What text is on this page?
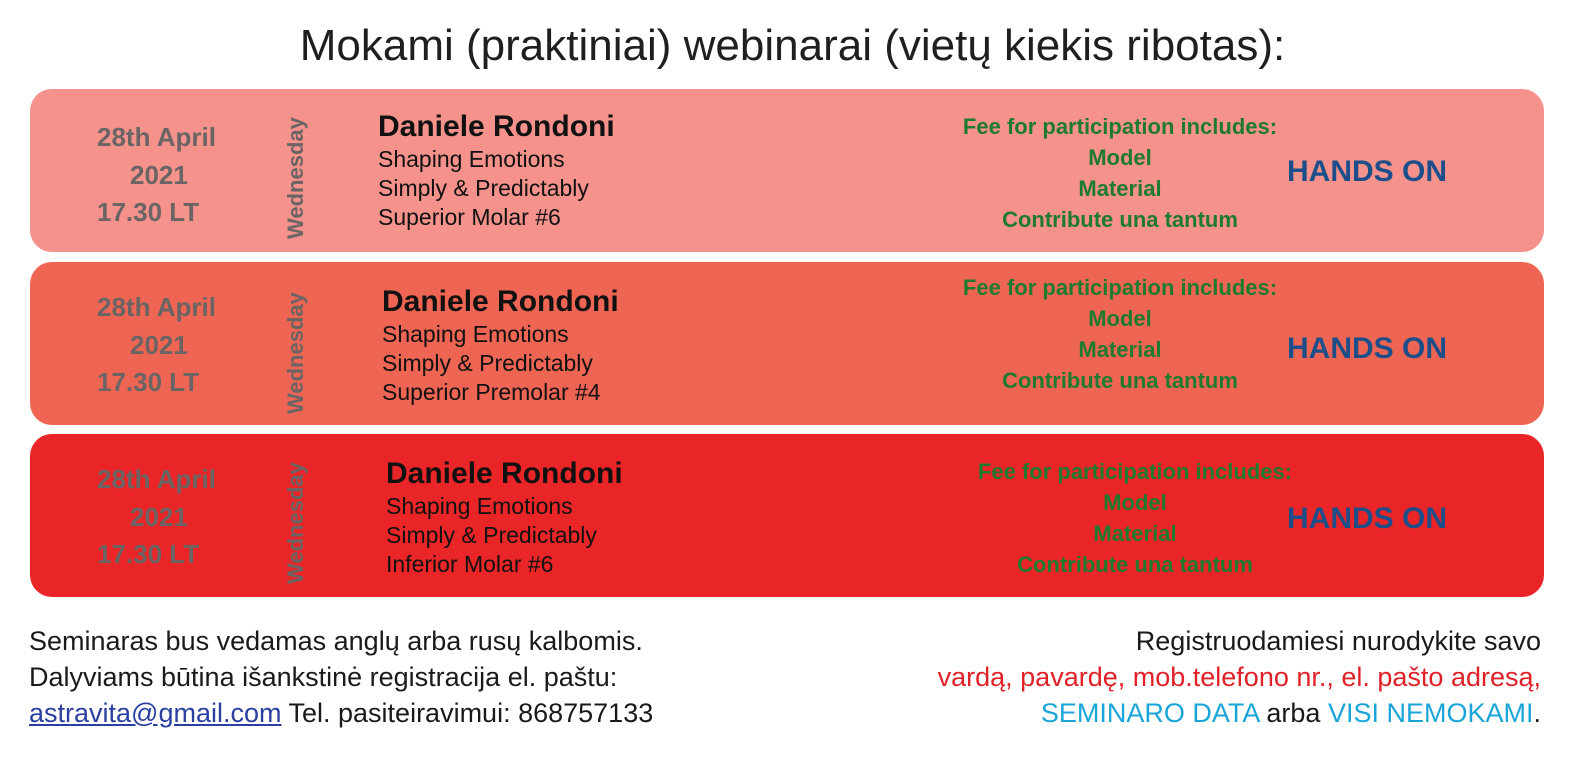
Mokami (praktiniai) webinarai (vietų kiekis ribotas):
28th April
2021
17.30 LT	Wednesday Daniele Rondoni
Shaping Emotions
Simply & Predictably
Superior Molar #6
Fee for participation includes:
Model
Material
Contribute una tantum
HANDS ON
28th April
2021
17.30 LT	Wednesday Daniele Rondoni
Shaping Emotions
Simply & Predictably
Superior Premolar #4
Fee for participation includes:
Model
Material
Contribute una tantum
HANDS ON
28th April
2021
17.30 LT	Wednesday	Daniele Rondoni
Shaping Emotions
Simply & Predictably
Inferior Molar #6
Fee for participation includes:
Model
Material
Contribute una tantum
HANDS ON
Seminaras bus vedamas anglų arba rusų kalbomis.
Dalyviams būtina išankstinė registracija el. paštu:
astravita@gmail.com Tel. pasiteiravimui: 868757133
Registruodamiesi nurodykite savo
vardą, pavardę, mob.telefono nr., el. pašto adresą,
SEMINARO DATA arba VISI NEMOKAMI.
